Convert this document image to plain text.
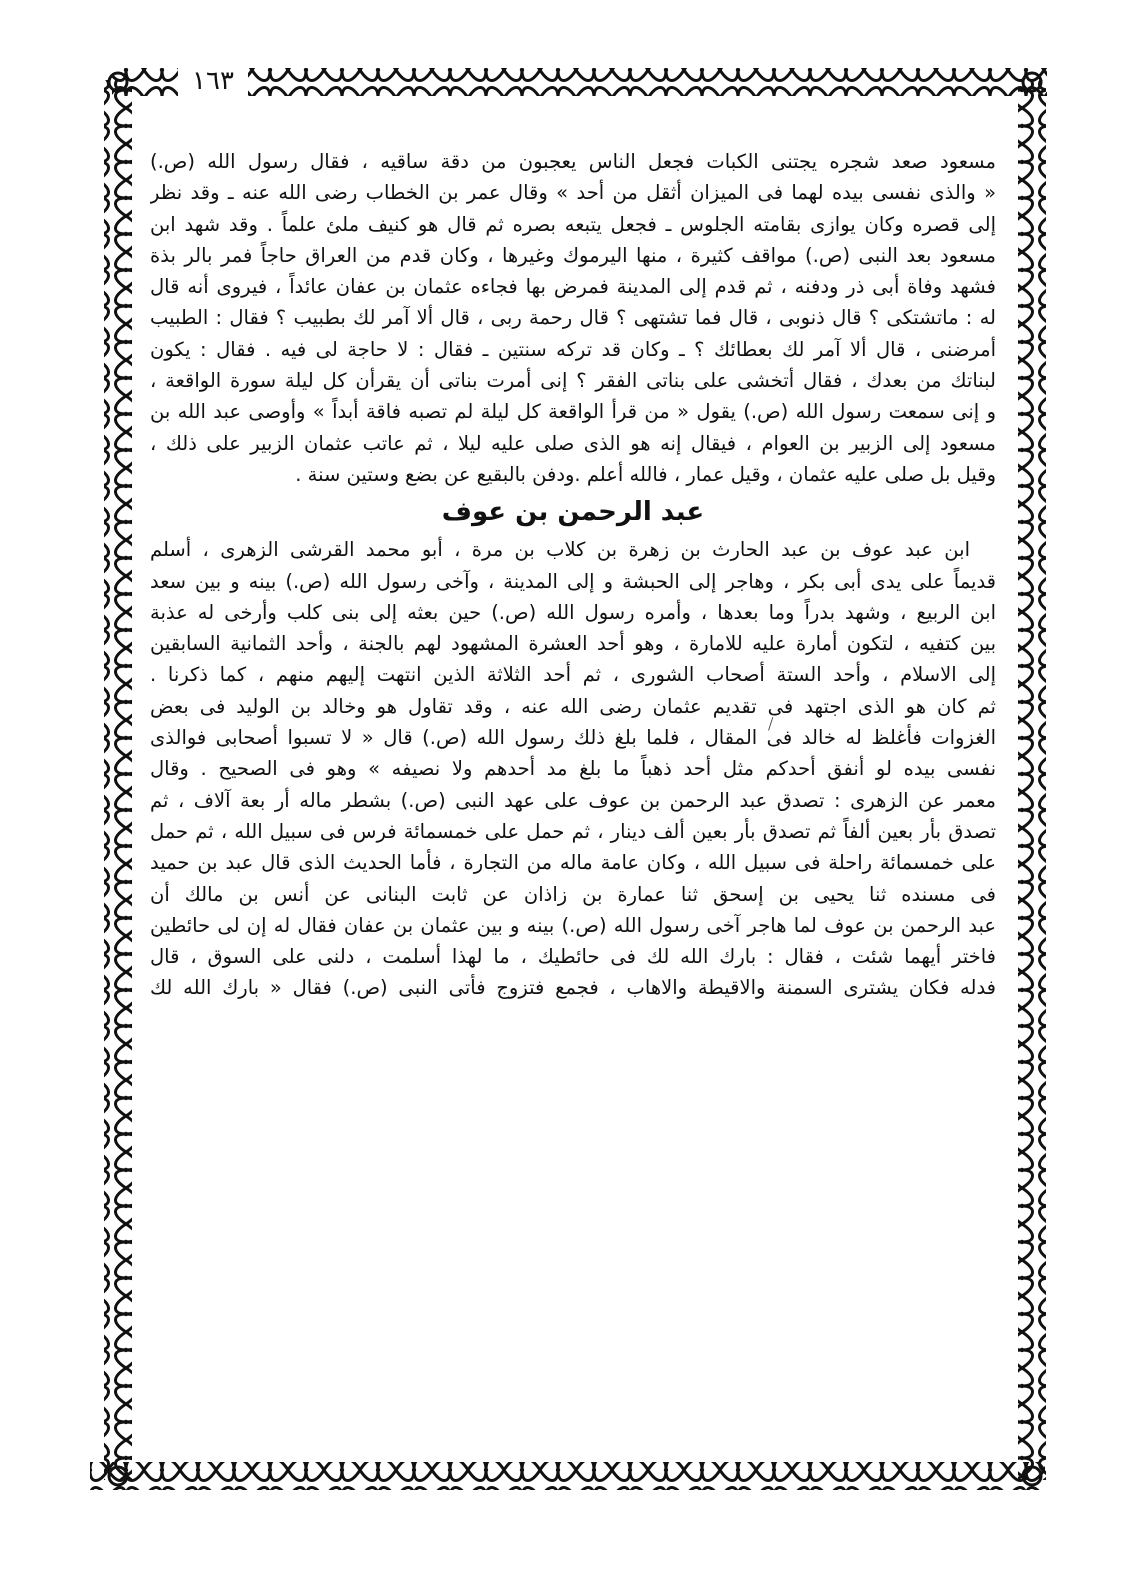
١٦٣
مسعود صعد شجره يجتنى الكبات فجعل الناس يعجبون من دقة ساقيه ، فقال رسول الله (ص.)
« والذى نفسى بيده لهما فى الميزان أثقل من أحد » وقال عمر بن الخطاب رضى الله عنه ـ وقد نظر
إلى قصره وكان يوازى بقامته الجلوس ـ فجعل يتبعه بصره ثم قال هو كنيف ملئ علماً . وقد شهد ابن
مسعود بعد النبى (ص.) مواقف كثيرة ، منها اليرموك وغيرها ، وكان قدم من العراق حاجاً فمر بالر بذة
فشهد وفاة أبى ذر ودفنه ، ثم قدم إلى المدينة فمرض بها فجاءه عثمان بن عفان عائداً ، فيروى أنه قال
له : ماتشتكى ؟ قال ذنوبى ، قال فما تشتهى ؟ قال رحمة ربى ، قال ألا آمر لك بطبيب ؟ فقال : الطبيب
أمرضنى ، قال ألا آمر لك بعطائك ؟ ـ وكان قد تركه سنتين ـ فقال : لا حاجة لى فيه . فقال : يكون
لبناتك من بعدك ، فقال أتخشى على بناتى الفقر ؟ إنى أمرت بناتى أن يقرأن كل ليلة سورة الواقعة ،
و إنى سمعت رسول الله (ص.) يقول « من قرأ الواقعة كل ليلة لم تصبه فاقة أبداً » وأوصى عبد الله بن
مسعود إلى الزبير بن العوام ، فيقال إنه هو الذى صلى عليه ليلا ، ثم عاتب عثمان الزبير على ذلك ،
وقيل بل صلى عليه عثمان ، وقيل عمار ، فالله أعلم .ودفن بالبقيع عن بضع وستين سنة .
عبد الرحمن بن عوف
ابن عبد عوف بن عبد الحارث بن زهرة بن كلاب بن مرة ، أبو محمد القرشى الزهرى ، أسلم
قديماً على يدى أبى بكر ، وهاجر إلى الحبشة و إلى المدينة ، وآخى رسول الله (ص.) بينه و بين سعد
ابن الربيع ، وشهد بدراً وما بعدها ، وأمره رسول الله (ص.) حين بعثه إلى بنى كلب وأرخى له عذبة
بين كتفيه ، لتكون أمارة عليه للامارة ، وهو أحد العشرة المشهود لهم بالجنة ، وأحد الثمانية السابقين
إلى الاسلام ، وأحد الستة أصحاب الشورى ، ثم أحد الثلاثة الذين انتهت إليهم منهم ، كما ذكرنا .
ثم كان هو الذى اجتهد فى تقديم عثمان رضى الله عنه ، وقد تقاول هو وخالد بن الوليد فى بعض
الغزوات فأغلظ له خالد فى المقال ، فلما بلغ ذلك رسول الله (ص.) قال « لا تسبوا أصحابى فوالذى
نفسى بيده لو أنفق أحدكم مثل أحد ذهباً ما بلغ مد أحدهم ولا نصيفه » وهو فى الصحيح . وقال
معمر عن الزهرى : تصدق عبد الرحمن بن عوف على عهد النبى (ص.) بشطر ماله أر بعة آلاف ، ثم
تصدق بأر بعين ألفاً ثم تصدق بأر بعين ألف دينار ، ثم حمل على خمسمائة فرس فى سبيل الله ، ثم حمل
على خمسمائة راحلة فى سبيل الله ، وكان عامة ماله من التجارة ، فأما الحديث الذى قال عبد بن حميد
فى مسنده ثنا يحيى بن إسحق ثنا عمارة بن زاذان عن ثابت البنانى عن أنس بن مالك أن
عبد الرحمن بن عوف لما هاجر آخى رسول الله (ص.) بينه و بين عثمان بن عفان فقال له إن لى حائطين
فاختر أيهما شئت ، فقال : بارك الله لك فى حائطيك ، ما لهذا أسلمت ، دلنى على السوق ، قال
فدله فكان يشترى السمنة والاقيطة والاهاب ، فجمع فتزوج فأتى النبى (ص.) فقال « بارك الله لك
